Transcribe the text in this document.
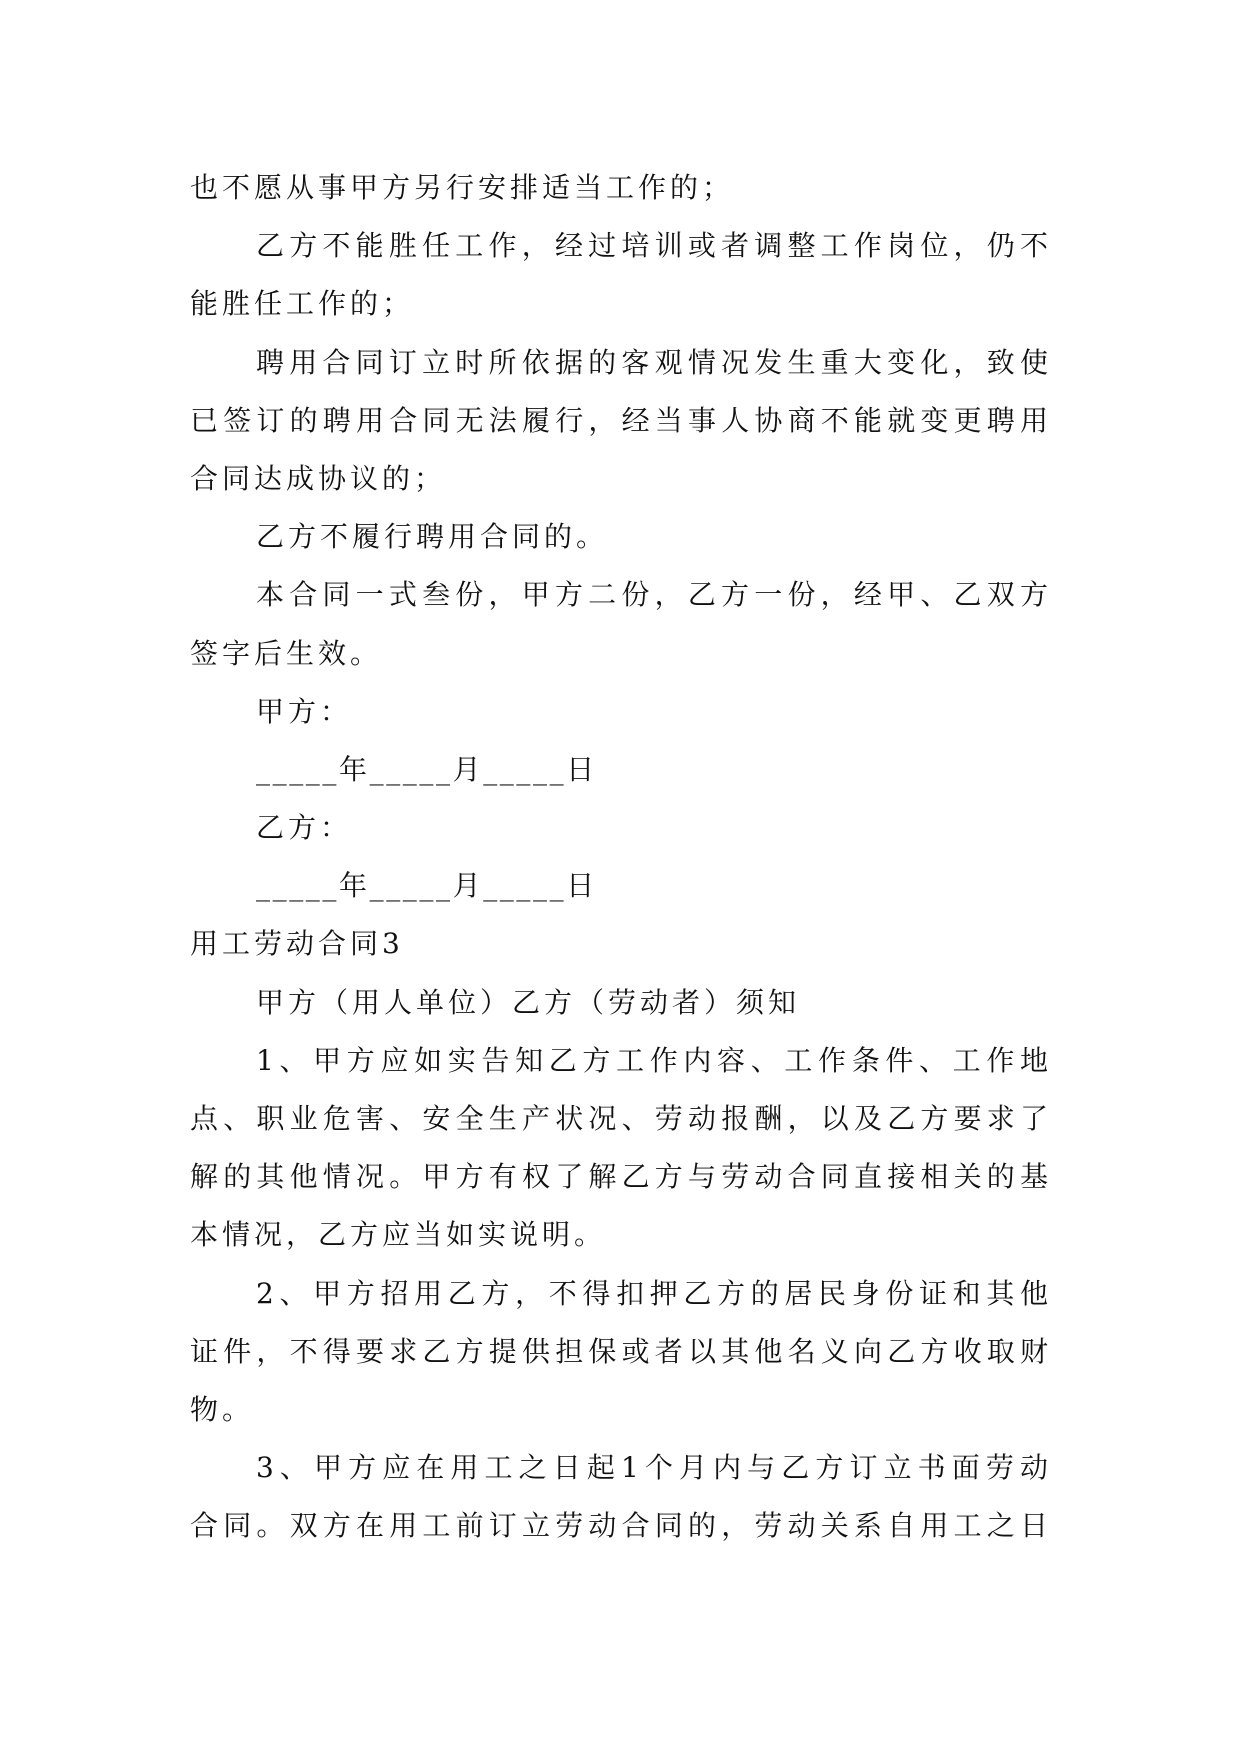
也不愿从事甲方另行安排适当工作的；
乙方不能胜任工作，经过培训或者调整工作岗位，仍不
能胜任工作的；
聘用合同订立时所依据的客观情况发生重大变化，致使
已签订的聘用合同无法履行，经当事人协商不能就变更聘用
合同达成协议的；
乙方不履行聘用合同的。
本合同一式叁份，甲方二份，乙方一份，经甲、乙双方
签字后生效。
甲方：
_____年_____月_____日
乙方：
_____年_____月_____日
用工劳动合同3
甲方（用人单位）乙方（劳动者）须知
1、甲方应如实告知乙方工作内容、工作条件、工作地
点、职业危害、安全生产状况、劳动报酬，以及乙方要求了
解的其他情况。甲方有权了解乙方与劳动合同直接相关的基
本情况，乙方应当如实说明。
2、甲方招用乙方，不得扣押乙方的居民身份证和其他
证件，不得要求乙方提供担保或者以其他名义向乙方收取财
物。
3、甲方应在用工之日起1个月内与乙方订立书面劳动
合同。双方在用工前订立劳动合同的，劳动关系自用工之日
